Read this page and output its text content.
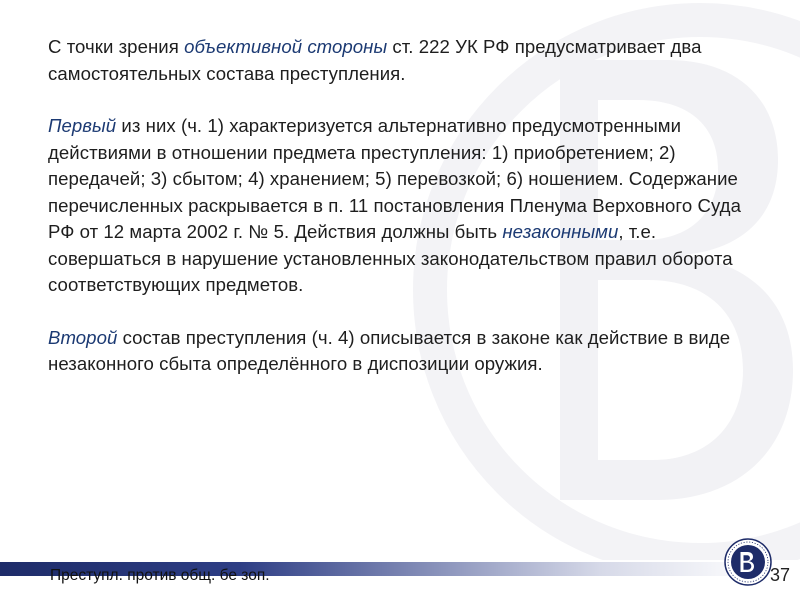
С точки зрения объективной стороны ст. 222 УК РФ предусматривает два самостоятельных состава преступления.

Первый из них (ч. 1) характеризуется альтернативно предусмотренными действиями в отношении предмета преступления: 1) приобретением; 2) передачей; 3) сбытом; 4) хранением; 5) перевозкой; 6) ношением. Содержание перечисленных раскрывается в п. 11 постановления Пленума Верховного Суда РФ от 12 марта 2002 г. № 5. Действия должны быть незаконными, т.е. совершаться в нарушение установленных законодательством правил оборота соответствующих предметов.

Второй состав преступления (ч. 4) описывается в законе как действие в виде незаконного сбыта определённого в диспозиции оружия.

Преступл. против общ. бе зоп.	37
